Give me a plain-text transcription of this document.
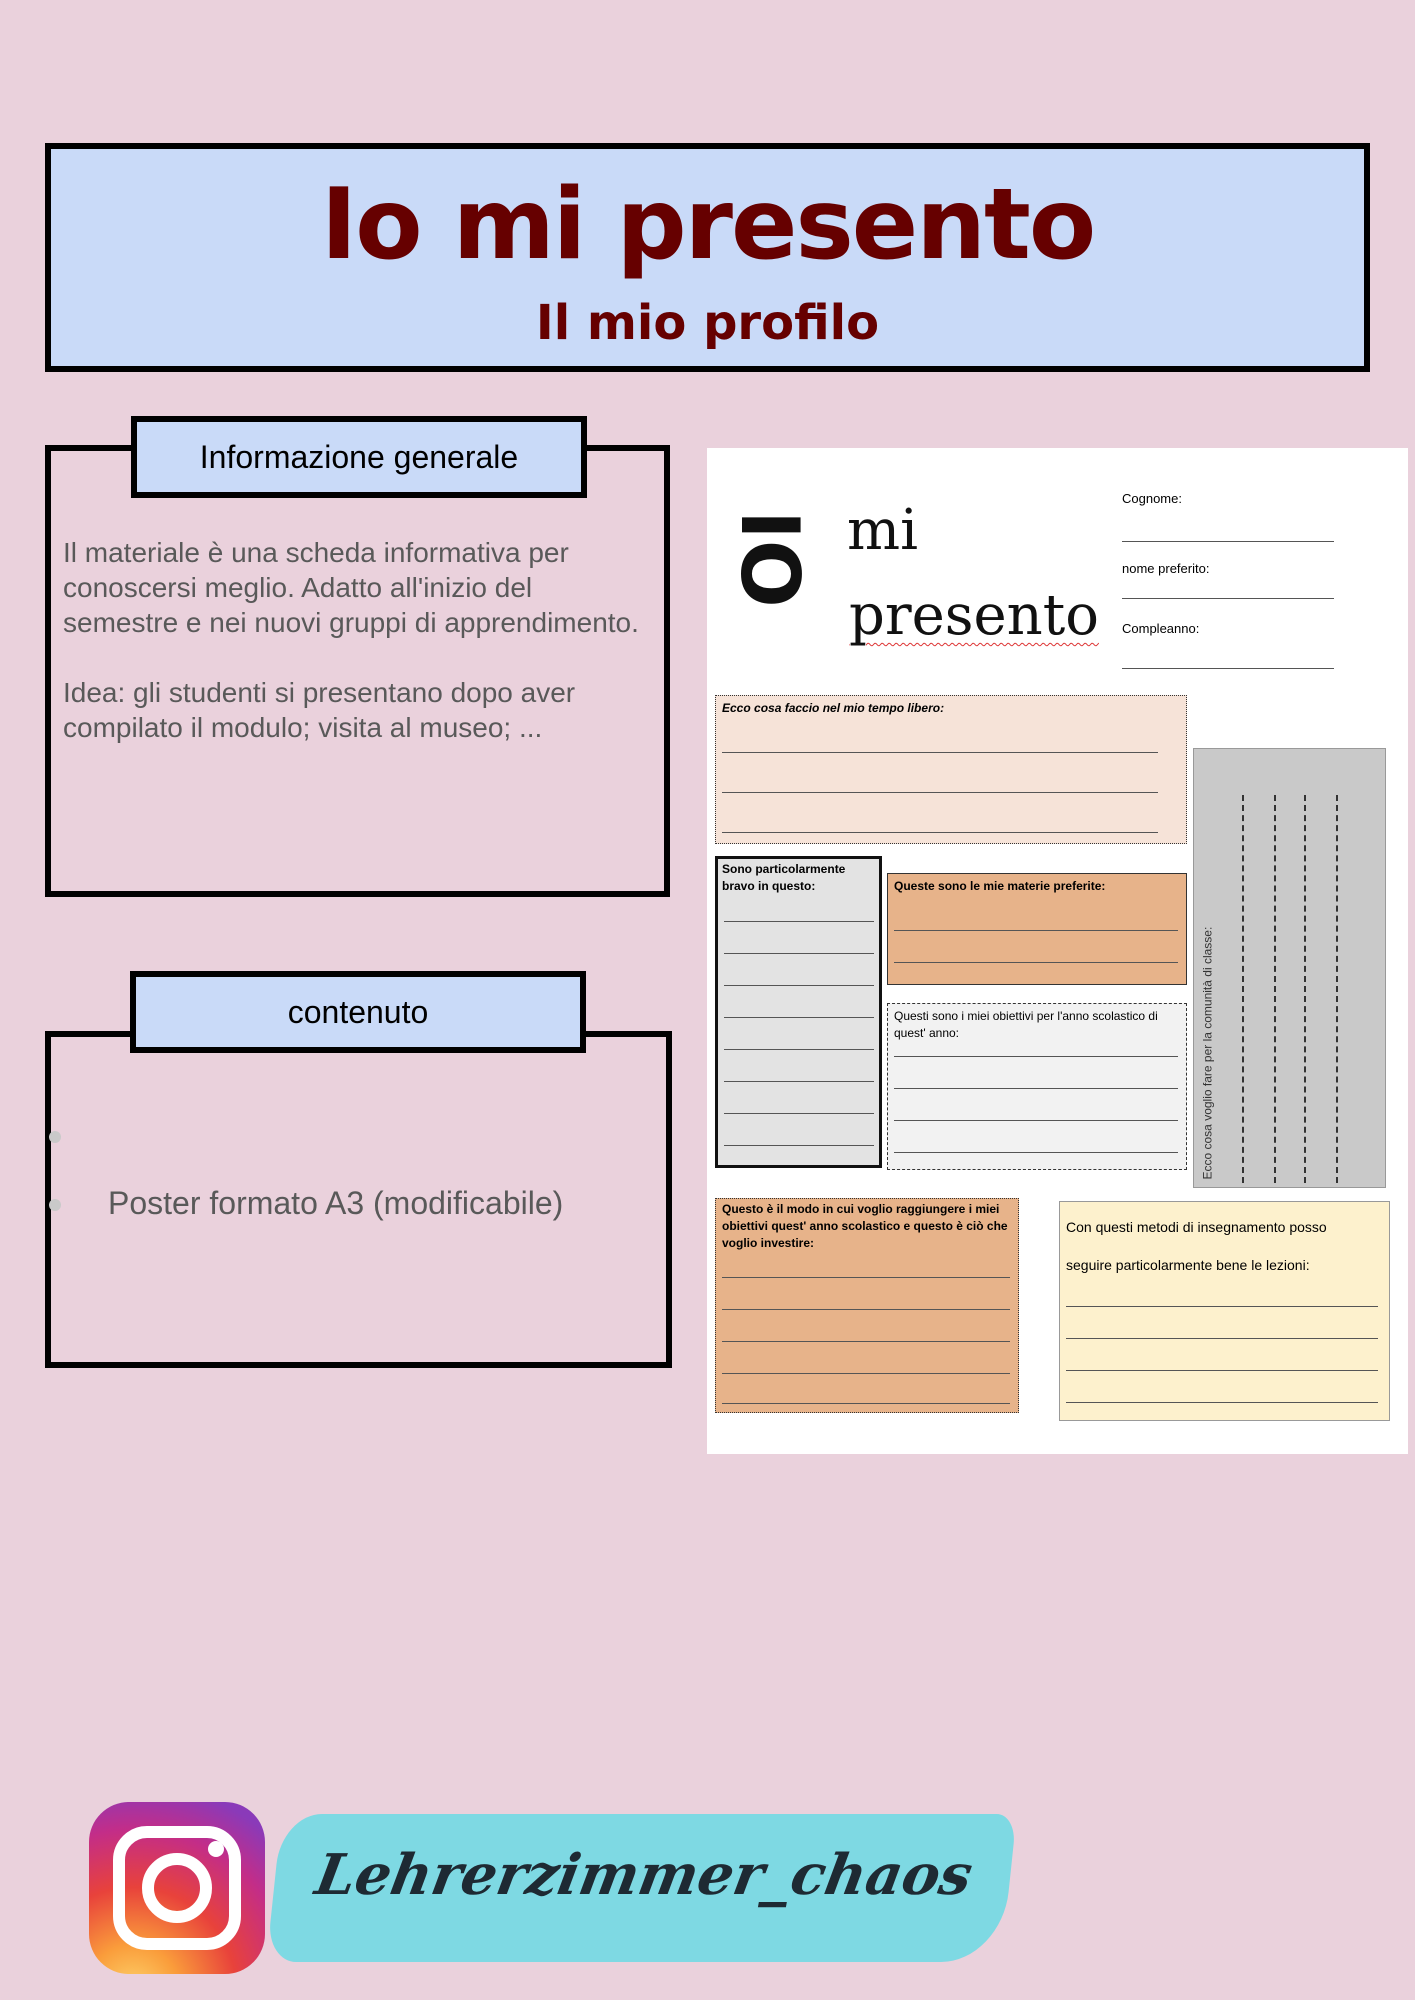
Io mi presento
Il mio profilo
Informazione generale

Il materiale è una scheda informativa per conoscersi meglio. Adatto all'inizio del semestre e nei nuovi gruppi di apprendimento.

Idea: gli studenti si presentano dopo aver compilato il modulo; visita al museo; ...

contenuto
Poster formato A3 (modificabile)
IO mi
presento
Cognome:
nome preferito:
Compleanno:
Ecco cosa faccio nel mio tempo libero:
Ecco cosa voglio fare per la comunità di classe:
Sono particolarmente bravo in questo:	Queste sono le mie materie preferite:
Questi sono i miei obiettivi per l'anno scolastico di quest' anno:
Questo è il modo in cui voglio raggiungere i miei obiettivi quest' anno scolastico e questo è ciò che voglio investire:
Con questi metodi di insegnamento posso seguire particolarmente bene le lezioni:
Lehrerzimmer_chaos
